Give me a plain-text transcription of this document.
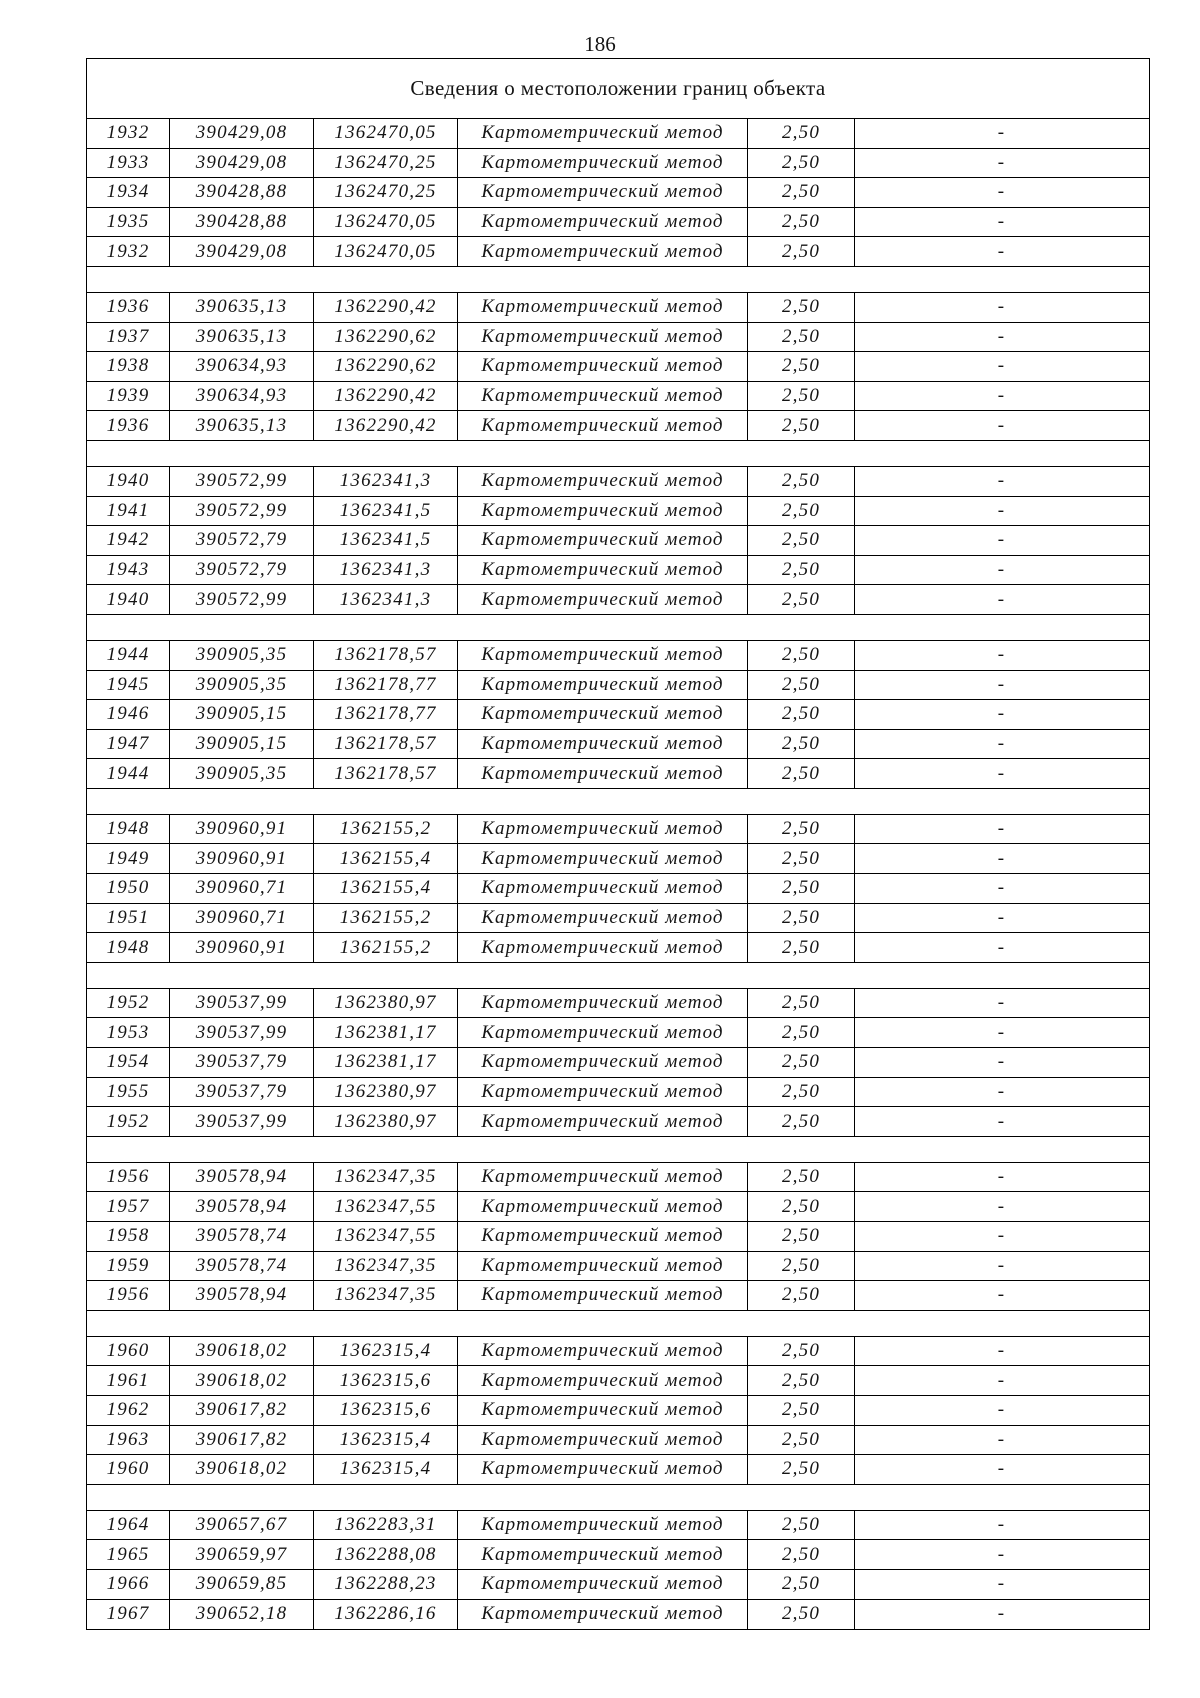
186
Сведения о местоположении границ объекта
1932	390429,08	1362470,05	Картометрический метод	2,50	-
1933	390429,08	1362470,25	Картометрический метод	2,50	-
1934	390428,88	1362470,25	Картометрический метод	2,50	-
1935	390428,88	1362470,05	Картометрический метод	2,50	-
1932	390429,08	1362470,05	Картометрический метод	2,50	-
1936	390635,13	1362290,42	Картометрический метод	2,50	-
1937	390635,13	1362290,62	Картометрический метод	2,50	-
1938	390634,93	1362290,62	Картометрический метод	2,50	-
1939	390634,93	1362290,42	Картометрический метод	2,50	-
1936	390635,13	1362290,42	Картометрический метод	2,50	-
1940	390572,99	1362341,3	Картометрический метод	2,50	-
1941	390572,99	1362341,5	Картометрический метод	2,50	-
1942	390572,79	1362341,5	Картометрический метод	2,50	-
1943	390572,79	1362341,3	Картометрический метод	2,50	-
1940	390572,99	1362341,3	Картометрический метод	2,50	-
1944	390905,35	1362178,57	Картометрический метод	2,50	-
1945	390905,35	1362178,77	Картометрический метод	2,50	-
1946	390905,15	1362178,77	Картометрический метод	2,50	-
1947	390905,15	1362178,57	Картометрический метод	2,50	-
1944	390905,35	1362178,57	Картометрический метод	2,50	-
1948	390960,91	1362155,2	Картометрический метод	2,50	-
1949	390960,91	1362155,4	Картометрический метод	2,50	-
1950	390960,71	1362155,4	Картометрический метод	2,50	-
1951	390960,71	1362155,2	Картометрический метод	2,50	-
1948	390960,91	1362155,2	Картометрический метод	2,50	-
1952	390537,99	1362380,97	Картометрический метод	2,50	-
1953	390537,99	1362381,17	Картометрический метод	2,50	-
1954	390537,79	1362381,17	Картометрический метод	2,50	-
1955	390537,79	1362380,97	Картометрический метод	2,50	-
1952	390537,99	1362380,97	Картометрический метод	2,50	-
1956	390578,94	1362347,35	Картометрический метод	2,50	-
1957	390578,94	1362347,55	Картометрический метод	2,50	-
1958	390578,74	1362347,55	Картометрический метод	2,50	-
1959	390578,74	1362347,35	Картометрический метод	2,50	-
1956	390578,94	1362347,35	Картометрический метод	2,50	-
1960	390618,02	1362315,4	Картометрический метод	2,50	-
1961	390618,02	1362315,6	Картометрический метод	2,50	-
1962	390617,82	1362315,6	Картометрический метод	2,50	-
1963	390617,82	1362315,4	Картометрический метод	2,50	-
1960	390618,02	1362315,4	Картометрический метод	2,50	-
1964	390657,67	1362283,31	Картометрический метод	2,50	-
1965	390659,97	1362288,08	Картометрический метод	2,50	-
1966	390659,85	1362288,23	Картометрический метод	2,50	-
1967	390652,18	1362286,16	Картометрический метод	2,50	-
